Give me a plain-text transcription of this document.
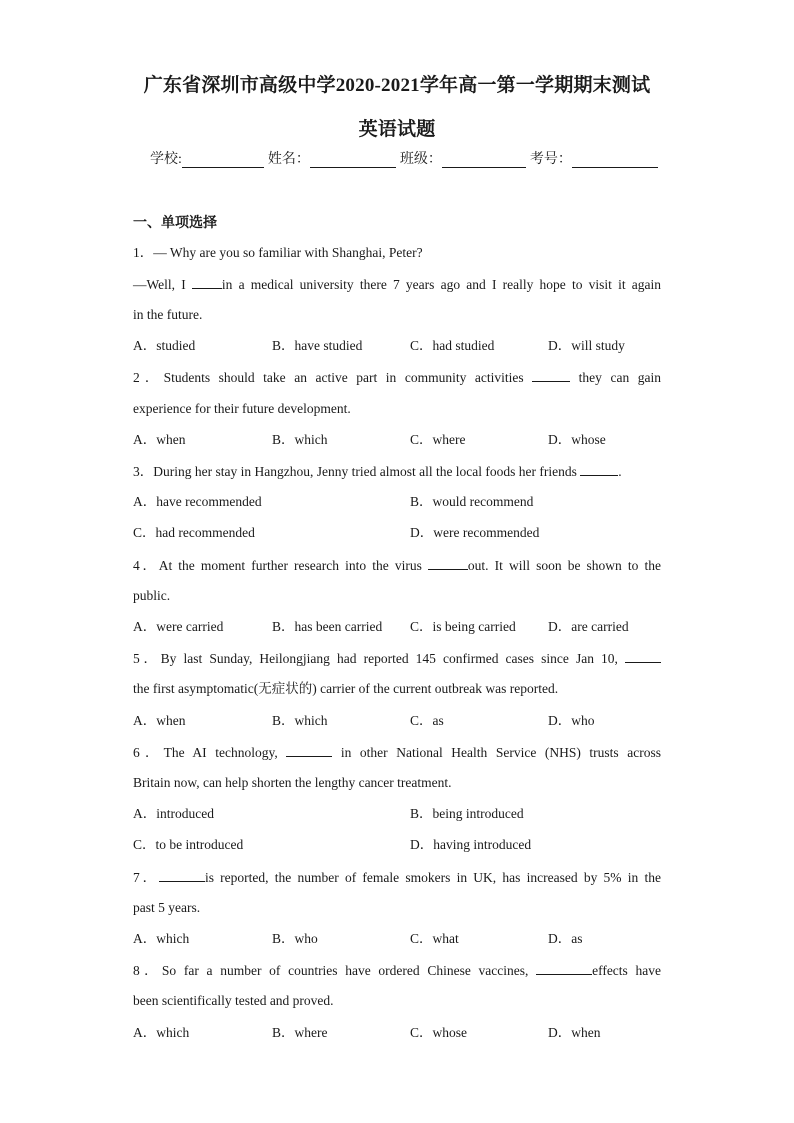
广东省深圳市高级中学2020-2021学年高一第一学期期末测试
英语试题
学校:	姓名：	班级：	考号：
一、单项选择
1．— Why are you so familiar with Shanghai, Peter?
—Well, I in a medical university there 7 years ago and I really hope to visit it again
in the future.
A．studied	B．have studied	C．had studied	D．will study
2．Students should take an active part in community activities	they can gain
experience for their future development.
A．when	B．which	C．where	D．whose
3．During her stay in Hangzhou, Jenny tried almost all the local foods her friends	.
A．have recommended	B．would recommend
C．had recommended	D．were recommended
4．At the moment further research into the virus	out. It will soon be shown to the
public.
A．were carried	B．has been carried C．is being carried D．are carried
5．By last Sunday, Heilongjiang had reported 145 confirmed cases since Jan 10,
the first asymptomatic(无症状的) carrier of the current outbreak was reported.
A．when	B．which	C．as	D．who
6．The AI technology,	in other National Health Service (NHS) trusts across
Britain now, can help shorten the lengthy cancer treatment.
A．introduced	B．being introduced
C．to be introduced	D．having introduced
7．	is reported, the number of female smokers in UK, has increased by 5% in the
past 5 years.
A．which	B．who	C．what	D．as
8．So far a number of countries have ordered Chinese vaccines,	effects have
been scientifically tested and proved.
A．which	B．where	C．whose	D．when
